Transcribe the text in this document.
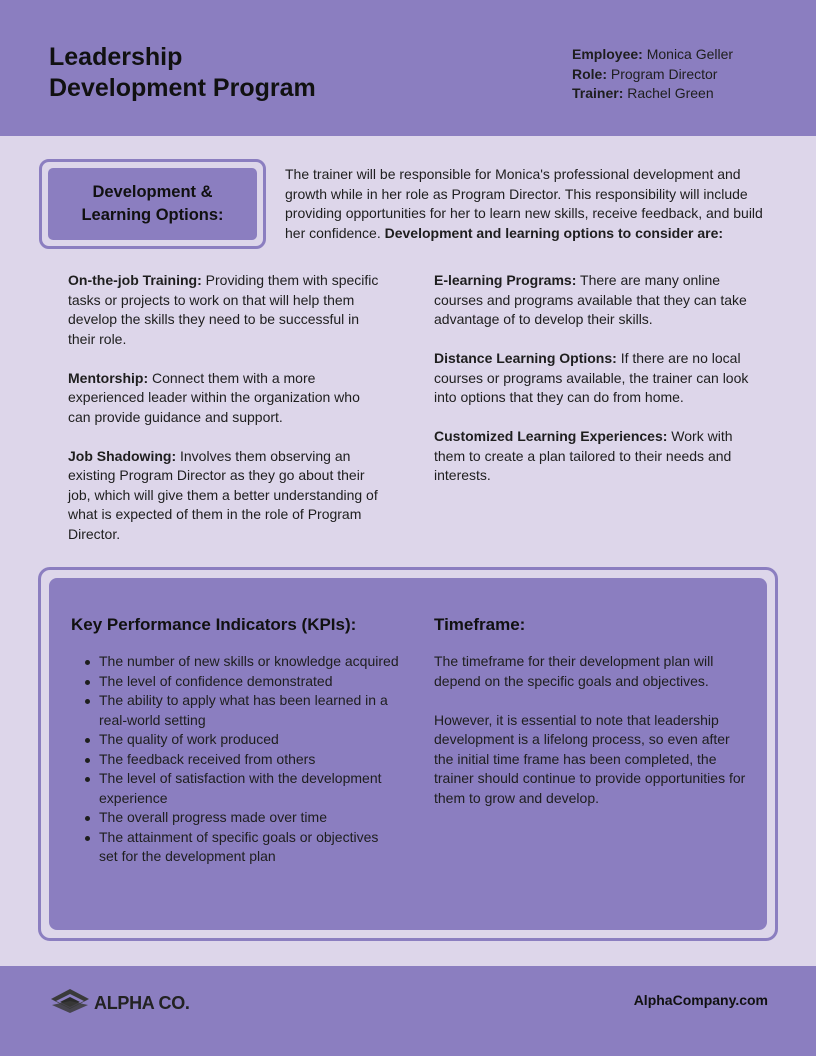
Leadership
Development Program
Employee: Monica Geller
Role: Program Director
Trainer: Rachel Green
Development & Learning Options:
The trainer will be responsible for Monica's professional development and growth while in her role as Program Director. This responsibility will include providing opportunities for her to learn new skills, receive feedback, and build her confidence. Development and learning options to consider are:
On-the-job Training: Providing them with specific tasks or projects to work on that will help them develop the skills they need to be successful in their role.
Mentorship: Connect them with a more experienced leader within the organization who can provide guidance and support.
Job Shadowing: Involves them observing an existing Program Director as they go about their job, which will give them a better understanding of what is expected of them in the role of Program Director.
E-learning Programs: There are many online courses and programs available that they can take advantage of to develop their skills.
Distance Learning Options: If there are no local courses or programs available, the trainer can look into options that they can do from home.
Customized Learning Experiences: Work with them to create a plan tailored to their needs and interests.
Key Performance Indicators (KPIs):
The number of new skills or knowledge acquired
The level of confidence demonstrated
The ability to apply what has been learned in a real-world setting
The quality of work produced
The feedback received from others
The level of satisfaction with the development experience
The overall progress made over time
The attainment of specific goals or objectives set for the development plan
Timeframe:

The timeframe for their development plan will depend on the specific goals and objectives.

However, it is essential to note that leadership development is a lifelong process, so even after the initial time frame has been completed, the trainer should continue to provide opportunities for them to grow and develop.

ALPHA CO.	AlphaCompany.com
